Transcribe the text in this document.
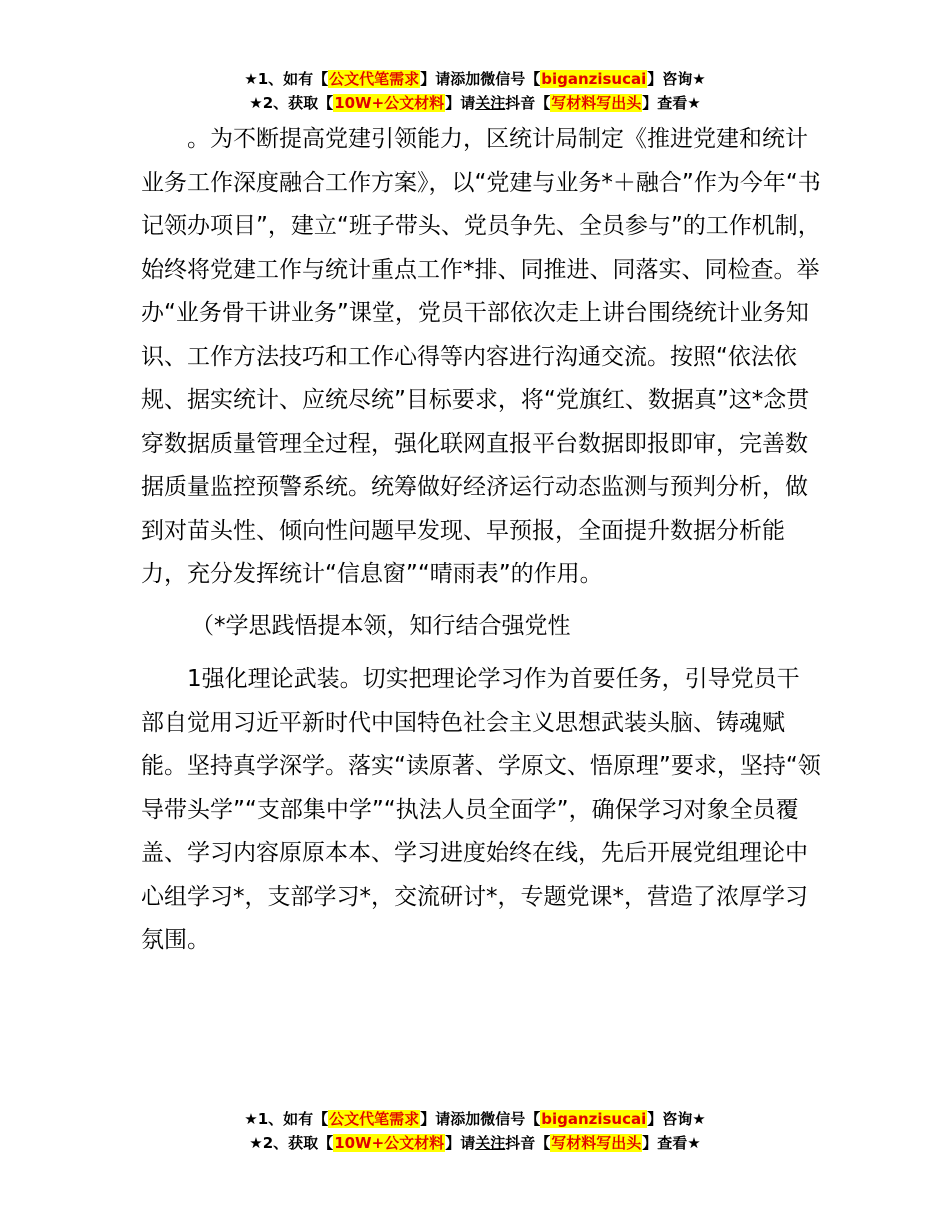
★1、如有【公文代笔需求】请添加微信号【biganzisucai】咨询★
★2、获取【10W+公文材料】请关注抖音【写材料写出头】查看★

。为不断提高党建引领能力，区统计局制定《推进党建和统计业务工作深度融合工作方案》，以“党建与业务*＋融合”作为今年“书记领办项目”，建立“班子带头、党员争先、全员参与”的工作机制，始终将党建工作与统计重点工作*排、同推进、同落实、同检查。举办“业务骨干讲业务”课堂，党员干部依次走上讲台围绕统计业务知识、工作方法技巧和工作心得等内容进行沟通交流。按照“依法依规、据实统计、应统尽统”目标要求，将“党旗红、数据真”这*念贯穿数据质量管理全过程，强化联网直报平台数据即报即审，完善数据质量监控预警系统。统筹做好经济运行动态监测与预判分析，做到对苗头性、倾向性问题早发现、早预报，全面提升数据分析能力，充分发挥统计“信息窗”“晴雨表”的作用。

（*学思践悟提本领，知行结合强党性

1强化理论武装。切实把理论学习作为首要任务，引导党员干部自觉用习近平新时代中国特色社会主义思想武装头脑、铸魂赋能。坚持真学深学。落实“读原著、学原文、悟原理”要求，坚持“领导带头学”“支部集中学”“执法人员全面学”，确保学习对象全员覆盖、学习内容原原本本、学习进度始终在线，先后开展党组理论中心组学习*，支部学习*，交流研讨*，专题党课*，营造了浓厚学习氛围。

★1、如有【公文代笔需求】请添加微信号【biganzisucai】咨询★
★2、获取【10W+公文材料】请关注抖音【写材料写出头】查看★
